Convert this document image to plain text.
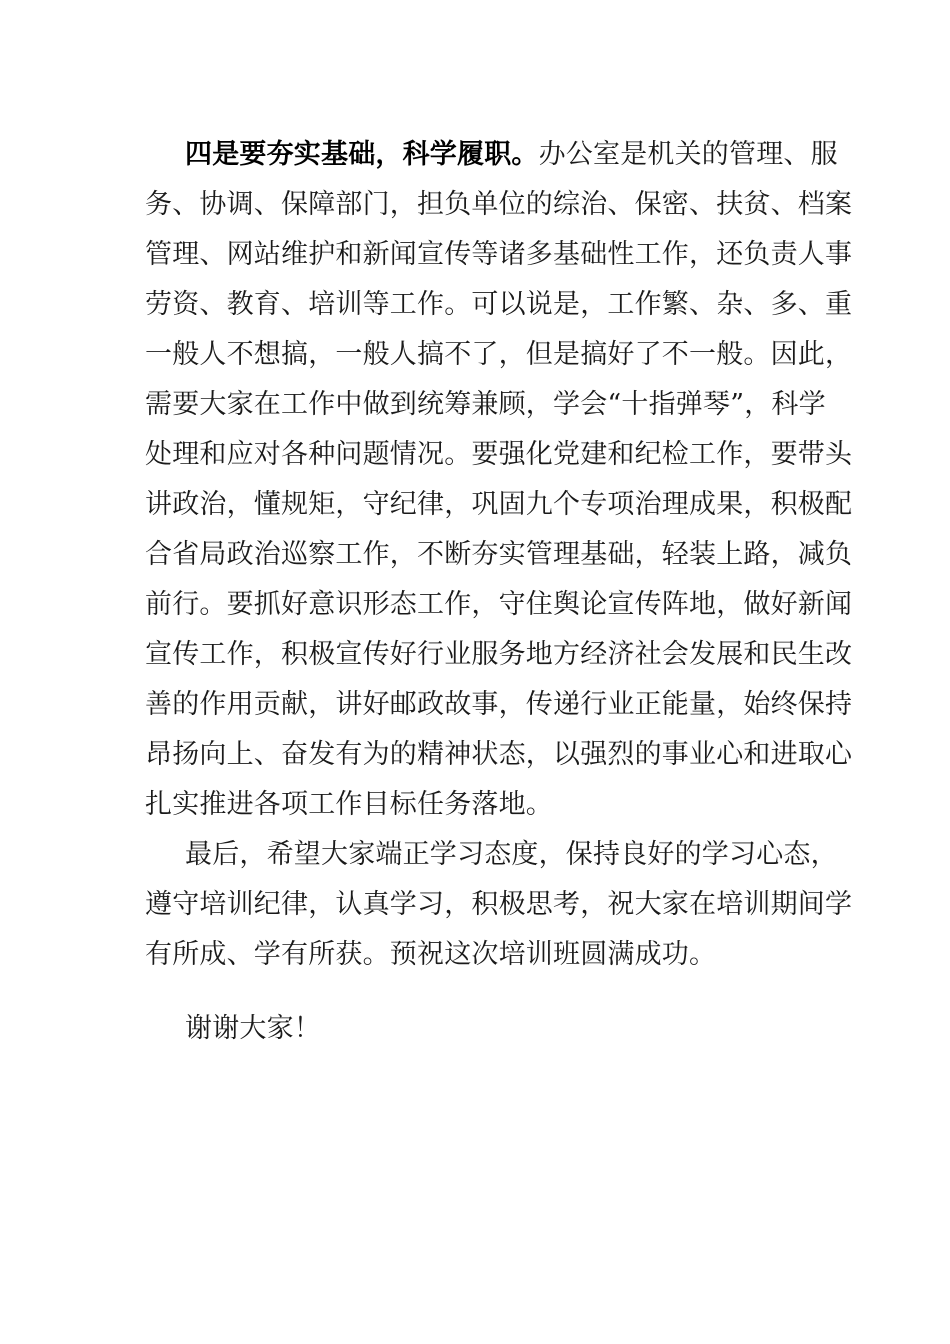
四是要夯实基础，科学履职。办公室是机关的管理、服
务、协调、保障部门，担负单位的综治、保密、扶贫、档案
管理、网站维护和新闻宣传等诸多基础性工作，还负责人事
劳资、教育、培训等工作。可以说是，工作繁、杂、多、重
一般人不想搞，一般人搞不了，但是搞好了不一般。因此，
需要大家在工作中做到统筹兼顾，学会“十指弹琴”，科学
处理和应对各种问题情况。要强化党建和纪检工作，要带头
讲政治，懂规矩，守纪律，巩固九个专项治理成果，积极配
合省局政治巡察工作，不断夯实管理基础，轻装上路，减负
前行。要抓好意识形态工作，守住舆论宣传阵地，做好新闻
宣传工作，积极宣传好行业服务地方经济社会发展和民生改
善的作用贡献，讲好邮政故事，传递行业正能量，始终保持
昂扬向上、奋发有为的精神状态，以强烈的事业心和进取心
扎实推进各项工作目标任务落地。
最后，希望大家端正学习态度，保持良好的学习心态，
遵守培训纪律，认真学习，积极思考，祝大家在培训期间学
有所成、学有所获。预祝这次培训班圆满成功。
谢谢大家！
